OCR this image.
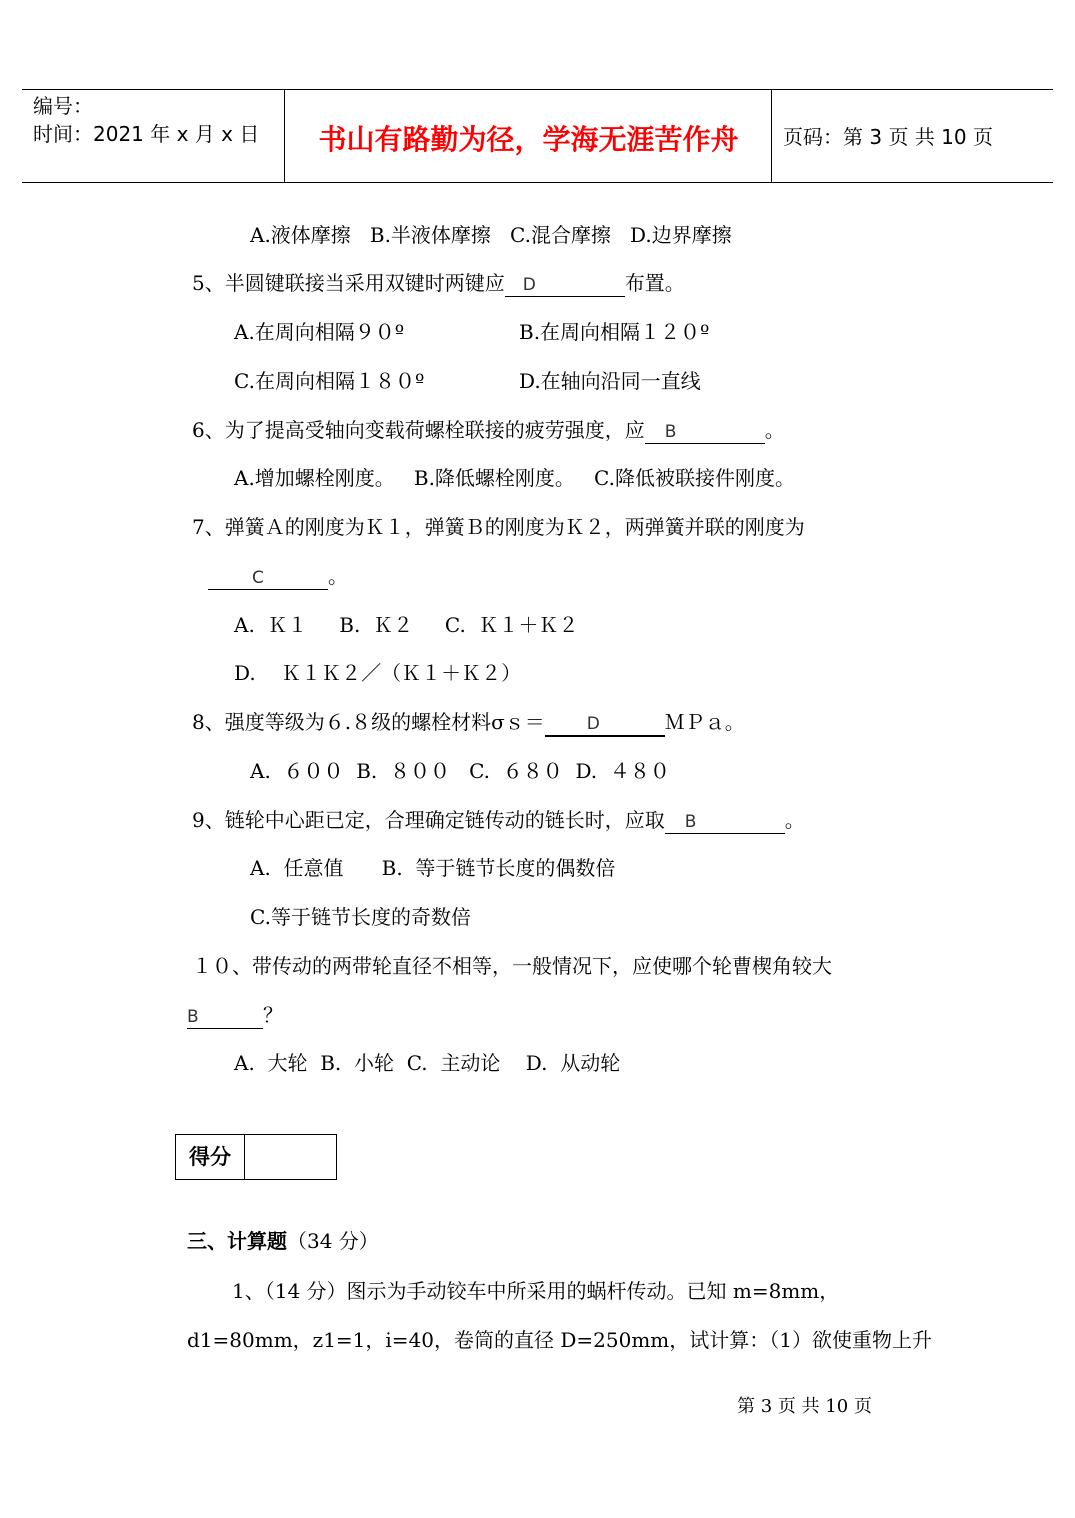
编号：
时间：2021 年 x 月 x 日	书山有路勤为径，学海无涯苦作舟	页码：第 3 页 共 10 页
A.液体摩擦   B.半液体摩擦   C.混合摩擦   D.边界摩擦
5、半圆键联接当采用双键时两键应 D	布置。
A.在周向相隔９０º	B.在周向相隔１２０º
C.在周向相隔１８０º	D.在轴向沿同一直线
6、为了提高受轴向变载荷螺栓联接的疲劳强度，应 B	。
A.增加螺栓刚度。   B.降低螺栓刚度。   C.降低被联接件刚度。
7、弹簧Ａ的刚度为Ｋ１，弹簧Ｂ的刚度为Ｋ２，两弹簧并联的刚度为
C	。
A.  Ｋ１     B.  Ｋ２     C.  Ｋ１＋Ｋ２
D.    Ｋ１Ｋ２／（Ｋ１＋Ｋ２）
8、强度等级为６.８级的螺栓材料σｓ＝ D	ＭＰａ。
A.  ６００  B.  ８００   C.  ６８０  D.  ４８０
9、链轮中心距已定，合理确定链传动的链长时，应取 B	。
A.  任意值      B.  等于链节长度的偶数倍
C.等于链节长度的奇数倍
１０、带传动的两带轮直径不相等，一般情况下，应使哪个轮曹楔角较大
B	？
A.  大轮  B.  小轮  C.  主动论    D.  从动轮
得分
三、计算题（34 分）
1、（14 分）图示为手动铰车中所采用的蜗杆传动。已知 m=8mm，
d1=80mm，z1=1，i=40，卷筒的直径 D=250mm，试计算：（1）欲使重物上升
第 3 页 共 10 页
